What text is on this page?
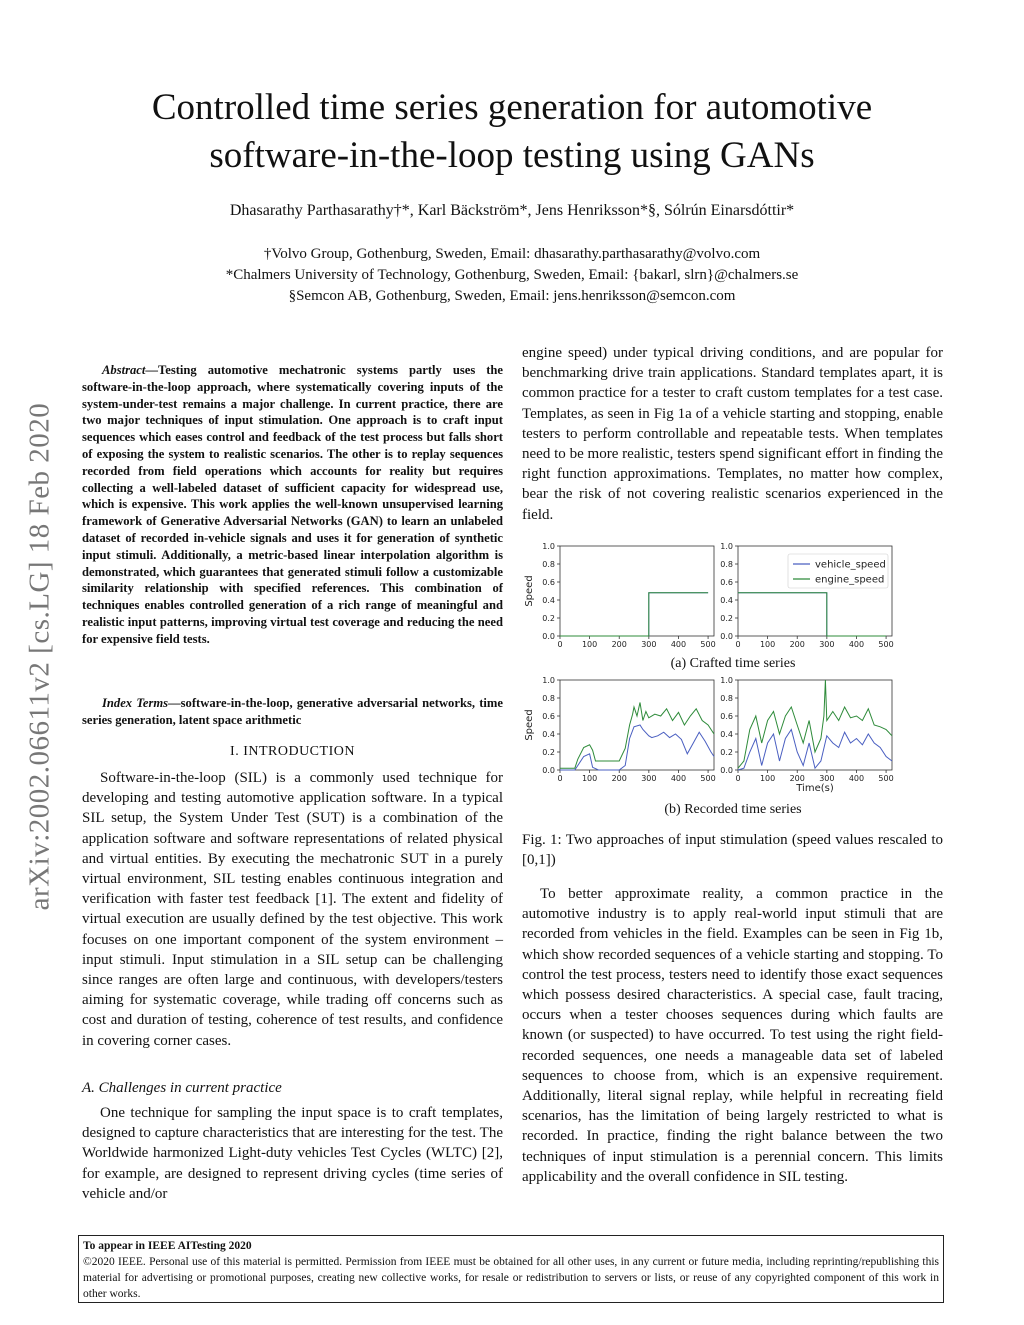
Controlled time series generation for automotive
software-in-the-loop testing using GANs
Dhasarathy Parthasarathy†*, Karl Bäckström*, Jens Henriksson*§, Sólrún Einarsdóttir*
†Volvo Group, Gothenburg, Sweden, Email: dhasarathy.parthasarathy@volvo.com
*Chalmers University of Technology, Gothenburg, Sweden, Email: {bakarl, slrn}@chalmers.se
§Semcon AB, Gothenburg, Sweden, Email: jens.henriksson@semcon.com
arXiv:2002.06611v2 [cs.LG] 18 Feb 2020

Abstract—Testing automotive mechatronic systems partly uses the software-in-the-loop approach, where systematically covering inputs of the system-under-test remains a major challenge. In current practice, there are two major techniques of input stimulation. One approach is to craft input sequences which eases control and feedback of the test process but falls short of exposing the system to realistic scenarios. The other is to replay sequences recorded from field operations which accounts for reality but requires collecting a well-labeled dataset of sufficient capacity for widespread use, which is expensive. This work applies the well-known unsupervised learning framework of Generative Adversarial Networks (GAN) to learn an unlabeled dataset of recorded in-vehicle signals and uses it for generation of synthetic input stimuli. Additionally, a metric-based linear interpolation algorithm is demonstrated, which guarantees that generated stimuli follow a customizable similarity relationship with specified references. This combination of techniques enables controlled generation of a rich range of meaningful and realistic input patterns, improving virtual test coverage and reducing the need for expensive field tests.

Index Terms—software-in-the-loop, generative adversarial networks, time series generation, latent space arithmetic

I. INTRODUCTION

Software-in-the-loop (SIL) is a commonly used technique for developing and testing automotive application software. In a typical SIL setup, the System Under Test (SUT) is a combination of the application software and software representations of related physical and virtual entities. By executing the mechatronic SUT in a purely virtual environment, SIL testing enables continuous integration and verification with faster test feedback [1]. The extent and fidelity of virtual execution are usually defined by the test objective. This work focuses on one important component of the system environment – input stimuli. Input stimulation in a SIL setup can be challenging since ranges are often large and continuous, with developers/testers aiming for systematic coverage, while trading off concerns such as cost and duration of testing, coherence of test results, and confidence in covering corner cases.

A. Challenges in current practice

One technique for sampling the input space is to craft templates, designed to capture characteristics that are interesting for the test. The Worldwide harmonized Light-duty vehicles Test Cycles (WLTC) [2], for example, are designed to represent driving cycles (time series of vehicle and/or

engine speed) under typical driving conditions, and are popular for benchmarking drive train applications. Standard templates apart, it is common practice for a tester to craft custom templates for a test case. Templates, as seen in Fig 1a of a vehicle starting and stopping, enable testers to perform controllable and repeatable tests. When templates need to be more realistic, testers spend significant effort in finding the right function approximations. Templates, no matter how complex, bear the risk of not covering realistic scenarios experienced in the field.

0.0
0.2
0.4
0.6
0.8
1.0
0 100 200 300 400 500
Speed
0.0
0.2
0.4
0.6
0.8
1.0
0 100 200 300 400 500
vehicle_speed
engine_speed
0.0
0.2
0.4
0.6
0.8
1.0
0 100 200 300 400 500
Speed
0.0
0.2
0.4
0.6
0.8
1.0
0 100 200 300 400 500
Time(s)
(a) Crafted time series
(b) Recorded time series
Fig. 1: Two approaches of input stimulation (speed values rescaled to [0,1])

To better approximate reality, a common practice in the automotive industry is to apply real-world input stimuli that are recorded from vehicles in the field. Examples can be seen in Fig 1b, which show recorded sequences of a vehicle starting and stopping. To control the test process, testers need to identify those exact sequences which possess desired characteristics. A special case, fault tracing, occurs when a tester chooses sequences during which faults are known (or suspected) to have occurred. To test using the right field-recorded sequences, one needs a manageable data set of labeled sequences to choose from, which is an expensive requirement. Additionally, literal signal replay, while helpful in recreating field scenarios, has the limitation of being largely restricted to what is recorded. In practice, finding the right balance between the two techniques of input stimulation is a perennial concern. This limits applicability and the overall confidence in SIL testing.

To appear in IEEE AITesting 2020
©2020 IEEE. Personal use of this material is permitted. Permission from IEEE must be obtained for all other uses, in any current or future media, including reprinting/republishing this material for advertising or promotional purposes, creating new collective works, for resale or redistribution to servers or lists, or reuse of any copyrighted component of this work in other works.
